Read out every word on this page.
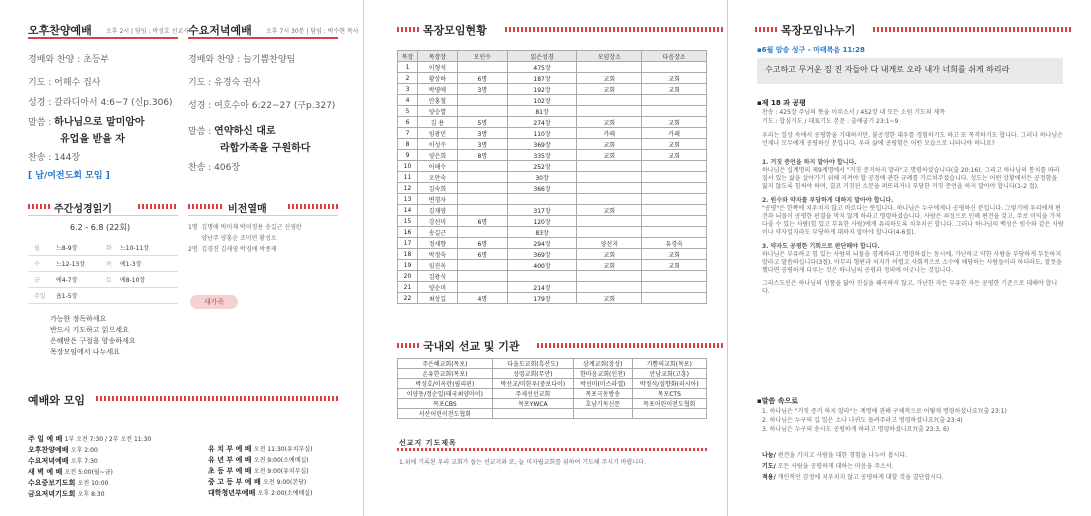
오후찬양예배 오후 2시 | 담임 : 박성호 선교사
경배와 찬양 : 초등부
기도 : 어해수 집사
성경 : 갈라디아서 4:6~7 (신p.306)
말씀 : 하나님으로 말미암아
유업을 받을 자
찬송 : 144장
[ 남/여전도회 모임 ]
수요저녁예배 오후 7시 30분 | 담임 : 박수현 목사
경배와 찬양 : 늘기쁨찬양팀
기도 : 유경숙 권사
성경 : 여호수아 6:22~27 (구p.327)
말씀 : 연약하신 대로
라합가족을 구원하다
찬송 : 406장
주간성경읽기
6.2 - 6.8 (22회)
월	느8-9장	화 느10-11장
수	느12-13장	목 에1-3장
금	에4-7장	토 에8-10장
주일 욥1-5장
가능한 정독하세요
반드시 기도하고 읽으세요
은혜받은 구절을 암송하세요
목장모임에서 나누세요
비전열매
1명  김명애 박미재 박미정용 송길근 신영란
양난주 양홍순 조미연 황성오
2명  김경진 김새영 박경애 박종재
새가족
예배와 모임
주 일 예 배 1부 오전 7:30 / 2부 오전 11:30
오후찬양예배 오후 2:00
수요저녁예배 오후 7:30
새 벽 예 배 오전 5:00(월~금)
수요중보기도회 오전 10:00
금요저녁기도회 오후 8:30
유 치 부 예 배 오전 11:30(유치부실)
유 년 부 예 배 오전 9:00(소예배실)
초 등 부 예 배 오전 9:00(유치부실)
중 고 등 부 예 배 오전 9:00(본당)
대학청년부예배 오후 2:00(소예배실)
목장모임현황
목장	목장장	모인수	읽은성경	모임장소	다음장소
1	이형석		475장		
2	황상하	6명	187장	교회	교회
3	박영애	3명	192장	교회	교회
4	안홍철		102장		
5	양승열		81장		
6	김 용	5명	274장	교회	교회
7	임광민	3명	110장	카페	카페
8	이성수	3명	369장	교회	교회
9	양은희	8명	335장	교회	교회
10	어해수		252장		
11	오만숙		30장		
12	김숙희		366장		
13	변경자				
14	김재영		317장	교회	
15	강선미	6명	120장		
16	송길근		83장		
17	정세향	6명	294장	양선지	유경숙
18	박정숙	6명	369장	교회	교회
19	임진옥		400장	교회	교회
20	김광식				
21	양순미		214장		
22	최상길	4명	179장	교회	
국내외 선교 및 기관
주은혜교회(목포)	다울도교회(흑산도)	삼계교회(장성)	기쁨의교회(목포)
온유한교회(목포)	성령교회(무안)	한마음교회(인천)	안남교회(고흥)
박성호/이옥란(필리핀)	박선교/미한우(중보다이)	박선미(미스라엘)	박정석/설향화(러시아)
이양동/정순일(태국최양마이)	주세선선교회	목포극동방송	목포CTS
목포CBS	목포YWCA	호남기독신문	목포어린이전도협회
서산어린이전도협회			
선교지 기도제목
1.위에 기록된 우리 교회가 돕는 선교지와 또, 늘 미자립교회를 위하여 기도해 주시기 바랍니다.
목장모임나누기
▪6월 암송 성구 - 마태복음 11:28
수고하고 무거운 짐 진 자들아 다 내게로 오라 내가 너희를 쉬게 하리라
▪제 18 과 공평
찬송 : 425장 주님의 뜻을 이루소서 / 452장 내 모든 소원 기도의 제목
기도 : 합심기도 / 대표기도 본문 : 출애굽기 23:1~9
우리는 일상 속에서 공평함을 기대하지만, 불공정한 대우를 경험하기도 하고 또 목격하기도 합니다. 그러나 하나님은 언제나 모두에게 공평하신 분입니다. 우리 삶에 공평함은 어떤 모습으로 나타나야 하나요?
1. 거짓 증언을 하지 말아야 합니다.
하나님은 십계명의 제9계명에서 "거짓 증거하지 말라"고 명령하셨습니다(출 20:16). 그리고 하나님의 통치를 따라 질서 있는 삶을 살아가기 위해 지켜야 할 공정에 관한 규례를 가르쳐주셨습니다. 성도는 어떤 상황에서든 공정함을 잃지 않도록 힘써야 하며, 결코 거짓된 소문을 퍼뜨리거나 부당한 거짓 증언을 하지 말아야 합니다(1-2 절).
2. 원수와 약자를 부당하게 대하지 말아야 합니다.
"공평"은 한쪽에 치우치지 않고 바르다는 뜻입니다. 하나님은 누구에게나 공평하신 분입니다. 그렇기에 우리에게 편견과 뇌물이 공평한 판결을 막지 않게 하라고 명령하셨습니다. 사람은 죄성으로 인해 편견을 갖고, 주로 이익을 가져다줄 수 있는 사람(힘 있고 부유한 사람)에게 유리하도록 치우치곤 합니다. 그러나 하나님의 백성은 원수와 같은 사람이나 약자일지라도 부당하게 대하지 말아야 합니다(4-6절).
3. 약자도 공평한 기회으로 판단해야 합니다.
하나님은 부유하고 힘 있는 사람의 뇌물을 경계하라고 명령하셨는 동시에, 가난하고 약한 사람을 부당하게 두둔하지 말라고 말씀하십니다(3절). 아무리 형편과 처지가 어렵고 사회적으로 소수에 해당하는 사람들이라 하더라도, 잘못을 했다면 공평하게 다루는 것은 하나님의 공평과 정의에 어긋나는 것입니다.
그리스도인은 하나님의 성품을 닮아 진실을 왜곡하지 않고, 가난한 자든 부유한 자든 공평한 기준으로 대해야 합니다.
▪말씀 속으로
1. 하나님은 "거짓 증거 하지 말라"는 계명에 관해 구체적으로 어떻게 명령하셨나요?(출 23:1)
2. 하나님은 누구의 길 일은 소나 나귀도 돌려주라고 명령하셨나요?(출 23:4)
3. 하나님은 누구의 송사도 공평하게 하라고 명령하셨나요?(출 23:3, 6)
나눔/ 편견을 가지고 사람을 대한 경험을 나누어 봅시다.
기도/ 모든 사람을 공평하게 대하는 마음을 주소서.
적용/ 개인적인 감정에 치우치지 않고 공평하게 대할 것을 결단합시다.
